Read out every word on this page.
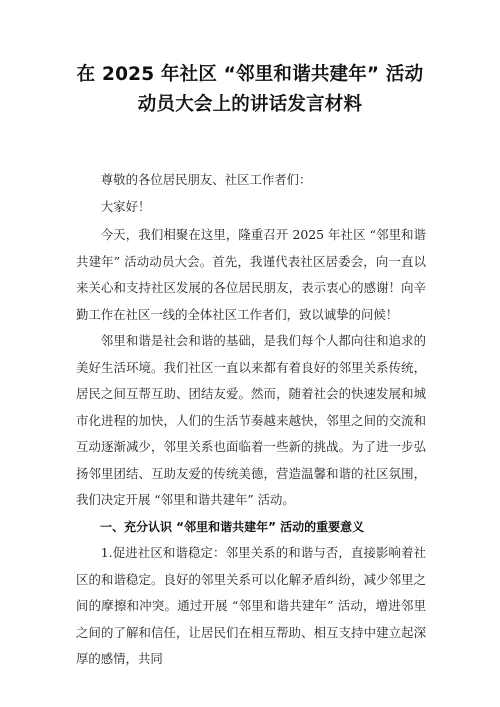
在 2025 年社区 “邻里和谐共建年” 活动
动员大会上的讲话发言材料

尊敬的各位居民朋友、社区工作者们：

大家好！

今天，我们相聚在这里，隆重召开 2025 年社区 “邻里和谐共建年” 活动动员大会。首先，我谨代表社区居委会，向一直以来关心和支持社区发展的各位居民朋友，表示衷心的感谢！向辛勤工作在社区一线的全体社区工作者们，致以诚挚的问候！

邻里和谐是社会和谐的基础，是我们每个人都向往和追求的美好生活环境。我们社区一直以来都有着良好的邻里关系传统，居民之间互帮互助、团结友爱。然而，随着社会的快速发展和城市化进程的加快，人们的生活节奏越来越快，邻里之间的交流和互动逐渐减少，邻里关系也面临着一些新的挑战。为了进一步弘扬邻里团结、互助友爱的传统美德，营造温馨和谐的社区氛围，我们决定开展 “邻里和谐共建年” 活动。

一、充分认识 “邻里和谐共建年” 活动的重要意义

1.促进社区和谐稳定：邻里关系的和谐与否，直接影响着社区的和谐稳定。良好的邻里关系可以化解矛盾纠纷，减少邻里之间的摩擦和冲突。通过开展 “邻里和谐共建年” 活动，增进邻里之间的了解和信任，让居民们在相互帮助、相互支持中建立起深厚的感情，共同
